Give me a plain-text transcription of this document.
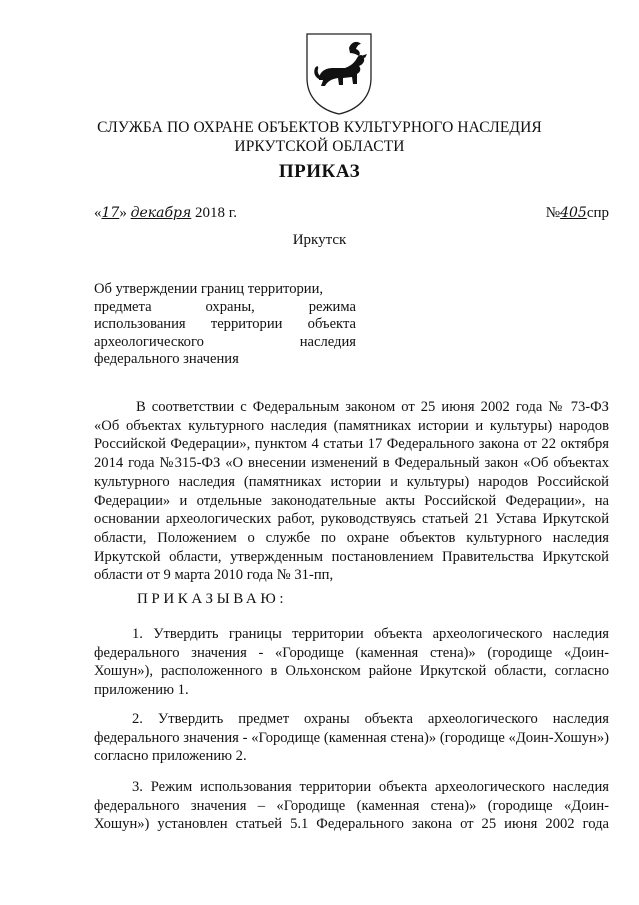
СЛУЖБА ПО ОХРАНЕ ОБЪЕКТОВ КУЛЬТУРНОГО НАСЛЕДИЯ
ИРКУТСКОЙ ОБЛАСТИ
ПРИКАЗ
«17» декабря 2018 г.	№405спр
Иркутск
Об утверждении границ территории,
предмета	охраны,	режима
использования территории объекта
археологического	наследия
федерального значения

В соответствии с Федеральным законом от 25 июня 2002 года № 73-ФЗ «Об объектах культурного наследия (памятниках истории и культуры) народов Российской Федерации», пунктом 4 статьи 17 Федерального закона от 22 октября 2014 года №315-ФЗ «О внесении изменений в Федеральный закон «Об объектах культурного наследия (памятниках истории и культуры) народов Российской Федерации» и отдельные законодательные акты Российской Федерации», на основании археологических работ, руководствуясь статьей 21 Устава Иркутской области, Положением о службе по охране объектов культурного наследия Иркутской области, утвержденным постановлением Правительства Иркутской области от 9 марта 2010 года № 31-пп,

ПРИКАЗЫВАЮ:

1. Утвердить границы территории объекта археологического наследия федерального значения - «Городище (каменная стена)» (городище «Доин-Хошун»), расположенного в Ольхонском районе Иркутской области, согласно приложению 1.

2. Утвердить предмет охраны объекта археологического наследия федерального значения - «Городище (каменная стена)» (городище «Доин-Хошун») согласно приложению 2.

3. Режим использования территории объекта археологического наследия федерального значения – «Городище (каменная стена)» (городище «Доин-Хошун») установлен статьей 5.1 Федерального закона от 25 июня 2002 года
